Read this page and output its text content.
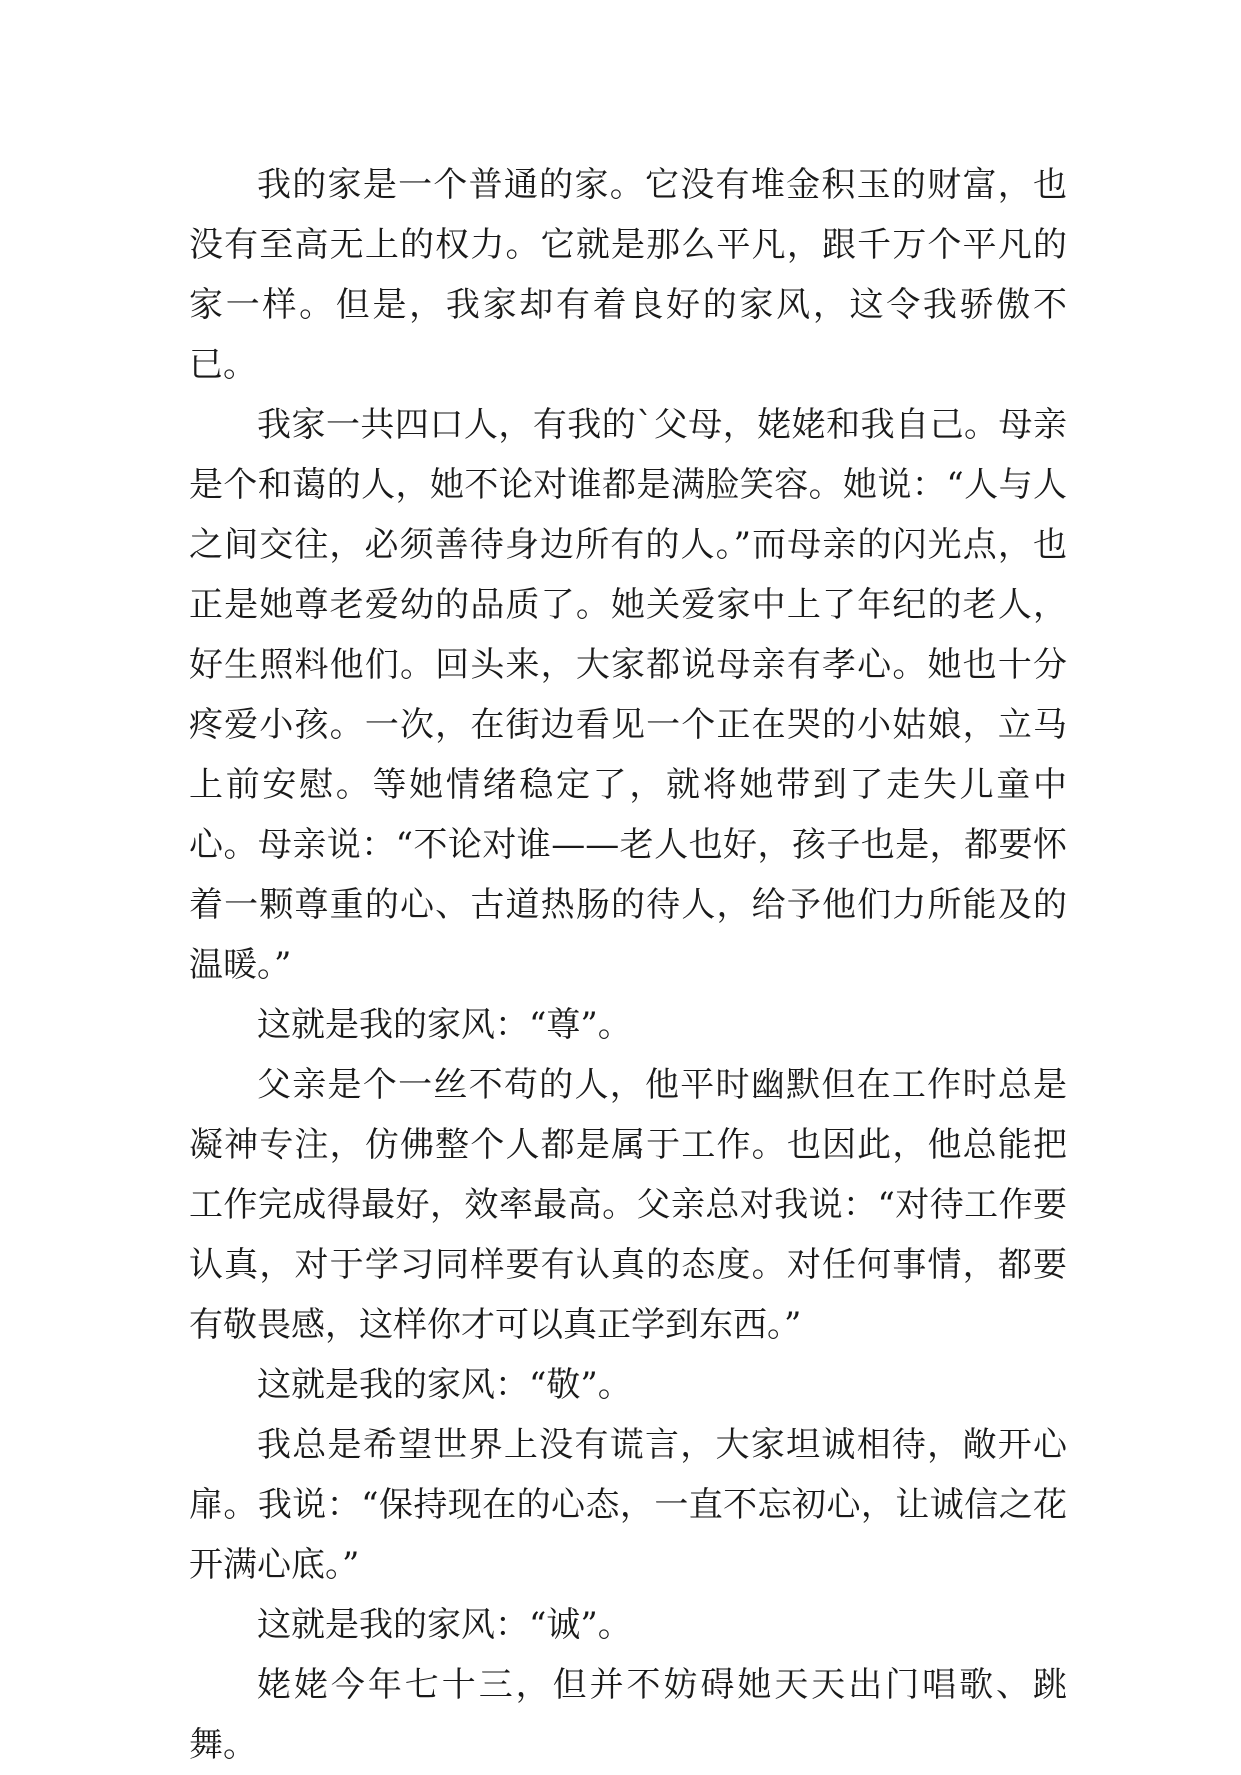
我的家是一个普通的家。它没有堆金积玉的财富，也没有至高无上的权力。它就是那么平凡，跟千万个平凡的家一样。但是，我家却有着良好的家风，这令我骄傲不已。

我家一共四口人，有我的`父母，姥姥和我自己。母亲是个和蔼的人，她不论对谁都是满脸笑容。她说：“人与人之间交往，必须善待身边所有的人。”而母亲的闪光点，也正是她尊老爱幼的品质了。她关爱家中上了年纪的老人，好生照料他们。回头来，大家都说母亲有孝心。她也十分疼爱小孩。一次，在街边看见一个正在哭的小姑娘，立马上前安慰。等她情绪稳定了，就将她带到了走失儿童中心。母亲说：“不论对谁——老人也好，孩子也是，都要怀着一颗尊重的心、古道热肠的待人，给予他们力所能及的温暖。”

这就是我的家风：“尊”。

父亲是个一丝不苟的人，他平时幽默但在工作时总是凝神专注，仿佛整个人都是属于工作。也因此，他总能把工作完成得最好，效率最高。父亲总对我说：“对待工作要认真，对于学习同样要有认真的态度。对任何事情，都要有敬畏感，这样你才可以真正学到东西。”

这就是我的家风：“敬”。

我总是希望世界上没有谎言，大家坦诚相待，敞开心扉。我说：“保持现在的心态，一直不忘初心，让诚信之花开满心底。”

这就是我的家风：“诚”。

姥姥今年七十三，但并不妨碍她天天出门唱歌、跳舞。
